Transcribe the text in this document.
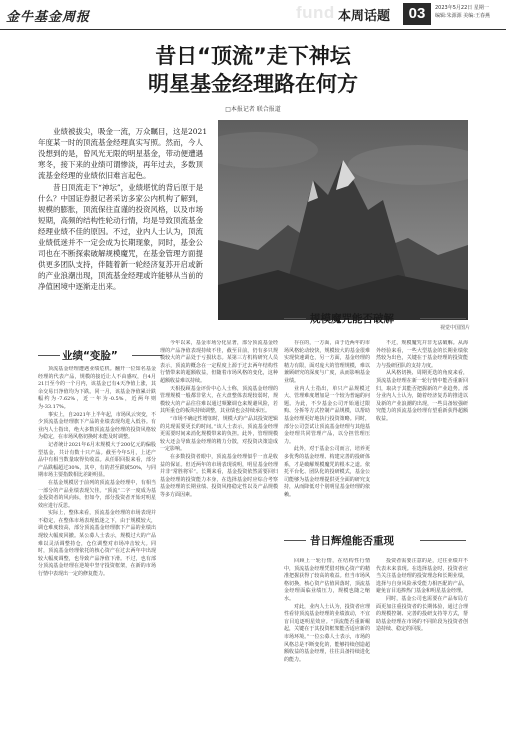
金牛基金周报	fund 本周话题	03	2023年5月22日 星期一
编辑:朱源源 美编:王春燕
昔日“顶流”走下神坛
明星基金经理路在何方
□本报记者 联合报道

业绩被拔尖，吸金一流，万众瞩目，这是2021年度某一时的顶流基金经理真实写照。然而，今人没想到的是，曾风光无限的明星基金，带动便遭遇寒冬，接下来的业绩可谓惨淡，再年过去，多数顶流基金经理的业绩依旧难言起色。

昔日顶流走下“神坛”，业绩堪忧的背后原于是什么？中国证券报记者采访多家公内机构了解到，规模的膨胀，顶流保往直谨的投资风格，以及市场短期，高频的结构性轮动行情，均是导致顶流基金经理业绩不佳的原因。不过，业内人士认为，顶流业绩低迷并不一定会成为长期现象，同时，基金公司也在不断探索破解规模魔咒，在基金管理方面提供更多团队支持，伴随着新一轮经济复苏开启或新的产业浪潮出现，顶流基金经理或许能够从当前的净值困境中逐渐走出来。

视觉中国图片
业绩“变脸”

顶流基金经理遭遇业绩危机。翻开一位知名基金经理的代表产品，规模的接近让人不由感叹，自4月21日至今的一个月内，该基金已有4天净值上涨，其余交易日净值均为下跌。同一月，该基金净值累计跌幅约为-7.62%，近一年为-0.5%，近两年则为-33.17%。

事实上，自2021年上半年起，市场风云突变，不少顶流基金经理旗下产品的业绩表现均进入低谷。有业内人士指出，绝大多数顶流基金经理的投资风格较为稳定，在市场风格切换时未能及时调整。

记者统计2021年6月末规模大于200亿元的偏股型基金，共计有数十只产品。截至今年5月，上述产品中有相当数量取得负收益。从任职回报来看，部分产品跌幅超过30%，其中，有的甚至跌破50%，与同期市场主要指数相比差距明显。

在基金规模居于前列的顶流基金经理中，有相当一部分的产品业绩表现欠佳。“顶流”二字一度成为基金投资者的风向标，但如今，部分投资者开始对明星效应进行反思。

实际上，整体来看，顶流基金经理的市场表现并不稳定，在整体市场表现低迷之下，由于规模较大，调仓难度较高，部分顶流基金经理旗下产品的业绩出现较大幅度回撤。某公募人士表示，规模过大的产品难以灵活调整持仓，仓位调整对市场冲击较大。同时，顶流基金经理依托的核心资产在过去两年中出现较大幅度调整，也导致产品净值下滑。不过，也有部分顶流基金经理在逆境中坚守投资框架，在新的市场行情中表现出一定的修复能力。

今年以来，基金市场分化显著，部分顶流基金经理的产品净值表现持续不佳，截至目前，仍有多只规模较大的产品处于亏损状态。某第三方机构研究人员表示，顶流的概念在一定程度上源于过去两年结构性行情带来的超额收益，但随着市场风格的变化，这种超额收益难以持续。

天相投顾基金评价中心人士称，顶流基金经理的管理规模一般都非常大，在大盘整体表现较弱时，规模较大的产品往往难以通过频繁调仓来规避风险，若其所重仓的板块持续调整，其业绩也会持续承压。

“市场不确定性增加时，规模大的产品其投资逻辑的兑现需要更长的时间。”该人士表示，顶流基金经理更需要时间来消化规模带来的负担。此外，管理规模较大还会导致基金经理的精力分散，对投资决策造成一定影响。

在多数投资者眼中，顶流基金经理似乎一直是收益的保证。但近两年的市场表现说明，明星基金经理并非“常胜将军”。长期来看，基金投资依然需要回归基金经理的投资能力本身，在选择基金时应综合考察基金经理的长期业绩、投资风格稳定性以及产品规模等多方面因素。

规模魔咒能否破解

存在的，一方面，由于近两年的市场风格轮动较快，规模较大的基金很难实现快速调仓，另一方面，基金经理的精力有限，面对庞大的管理规模，难以兼顾研究的深度与广度，从而影响基金业绩。

业内人士指出，单只产品规模过大、管理难度增加是一个较为普遍的问题。为此，不少基金公司开始通过限购、分拆等方式控制产品规模，以帮助基金经理更好地执行投资策略。同时，部分公司尝试让顶流基金经理与其他基金经理共同管理产品，以分担管理压力。

此外，对于基金公司而言，培养更多优秀的基金经理、构建完善的投研体系，才是破解规模魔咒的根本之道。依托平台化、团队化的投研模式，基金公司能够为基金经理提供更全面的研究支持，从而降低对个别明星基金经理的依赖。

不过，规模魔咒并非无法破解。从海外经验来看，一些大型基金的长期业绩依然较为出色，关键在于基金经理的投资能力与投研团队的支持力度。

从风格切换、周期更迭的角度来看，顶流基金经理在新一轮行情中能否重新回归，取决于其能否把握新的产业趋势。部分业内人士认为，随着经济复苏的推进以及新的产业浪潮的出现，一些具备较强研究能力的顶流基金经理有望重新获得超额收益。

昔日辉煌能否重现

回顾上一轮行情，在结构性行情中，顶流基金经理凭借对核心资产的精准把握获得了较高的收益。但当市场风格切换，核心资产估值回落时，顶流基金经理面临业绩压力，规模也随之缩水。

对此，业内人士认为，投资者应理性看待顶流基金经理的业绩波动，不宜盲目追逐明星效应。“顶流能否重新崛起，关键在于其投资框架能否适应新的市场环境。”一位公募人士表示，市场的风格总是不断变化的，能够持续创造超额收益的基金经理，往往具备持续进化的能力。

投资者需要注意的是，过往业绩并不代表未来表现。在选择基金时，投资者应当关注基金经理的投资理念和长期业绩，选择与自身风险承受能力相匹配的产品，避免盲目追捧热门基金和明星基金经理。

同时，基金公司也需要在产品布局方面更加注重投资者的长期体验，通过合理的规模控制、完善的投研支持等方式，帮助基金经理在市场的不同阶段为投资者创造持续、稳定的回报。
